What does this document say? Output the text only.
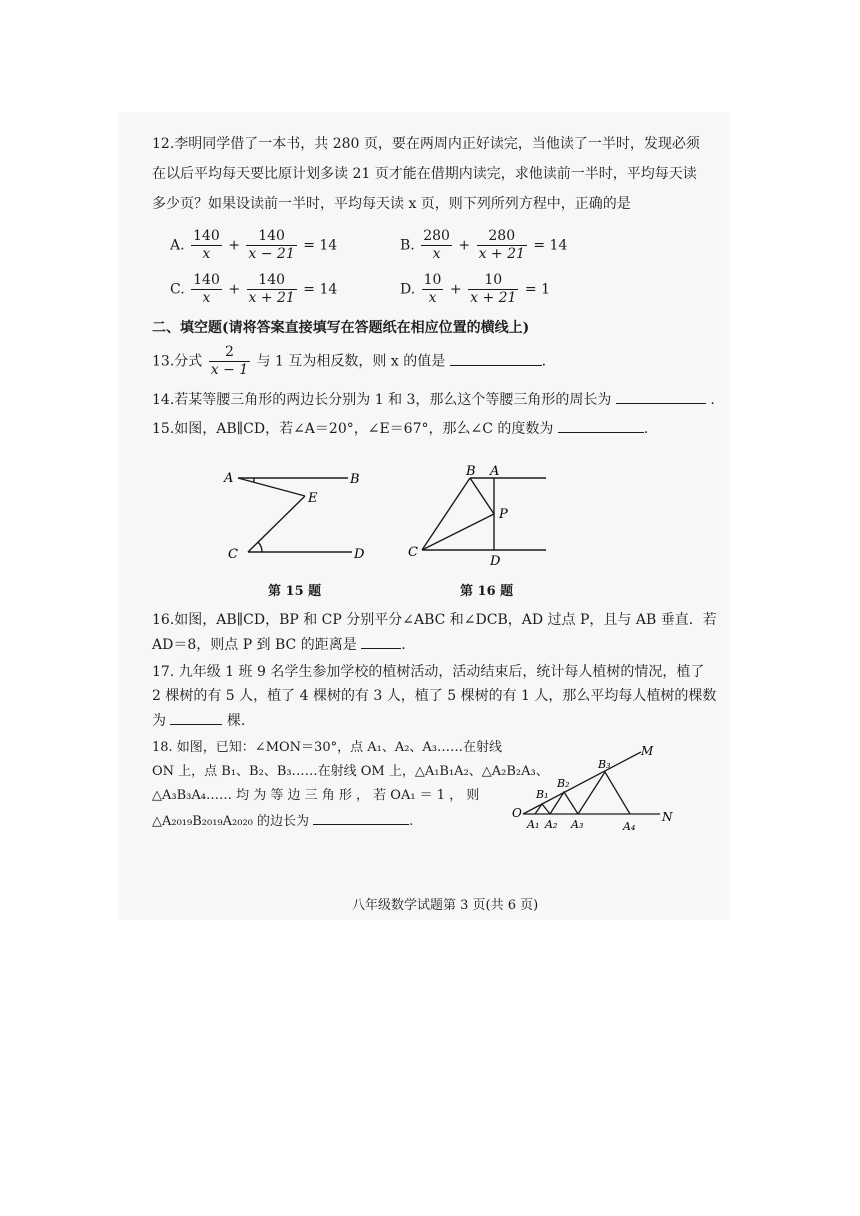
12.李明同学借了一本书，共 280 页，要在两周内正好读完，当他读了一半时，发现必须
在以后平均每天要比原计划多读 21 页才能在借期内读完，求他读前一半时，平均每天读
多少页？如果设读前一半时，平均每天读 x 页，则下列所列方程中，正确的是
A. $\frac{140}{x} + \frac{140}{x - 21} = 14$	B. $\frac{280}{x} + \frac{280}{x + 21} = 14$
C. $\frac{140}{x} + \frac{140}{x + 21} = 14$	D. $\frac{10}{x} + \frac{10}{x + 21} = 1$
二、填空题(请将答案直接填写在答题纸在相应位置的横线上)
13.分式 $\frac{2}{x - 1}$ 与 1 互为相反数，则 x 的值是	.
14.若某等腰三角形的两边长分别为 1 和 3，那么这个等腰三角形的周长为	.
15.如图，AB∥CD，若∠A＝20°，∠E＝67°，那么∠C 的度数为	.
A	B
E
C	D
第 15 题
B A
P
C
D
第 16 题
16.如图，AB∥CD，BP 和 CP 分别平分∠ABC 和∠DCB，AD 过点 P，且与 AB 垂直．若
AD＝8，则点 P 到 BC 的距离是	.
17. 九年级 1 班 9 名学生参加学校的植树活动，活动结束后，统计每人植树的情况，植了
2 棵树的有 5 人，植了 4 棵树的有 3 人，植了 5 棵树的有 1 人，那么平均每人植树的棵数
为	棵.
18. 如图，已知：∠MON＝30°，点 A₁、A₂、A₃……在射线
ON 上，点 B₁、B₂、B₃……在射线 OM 上，△A₁B₁A₂、△A₂B₂A₃、
△A₃B₃A₄…… 均 为 等 边 三 角 形 ， 若 OA₁ ＝ 1 ， 则
△A₂₀₁₉B₂₀₁₉A₂₀₂₀ 的边长为	.
M
O	N
B₁
B₂
B₃
A₁ A₂ A₃	A₄
八年级数学试题第 3 页(共 6 页)
